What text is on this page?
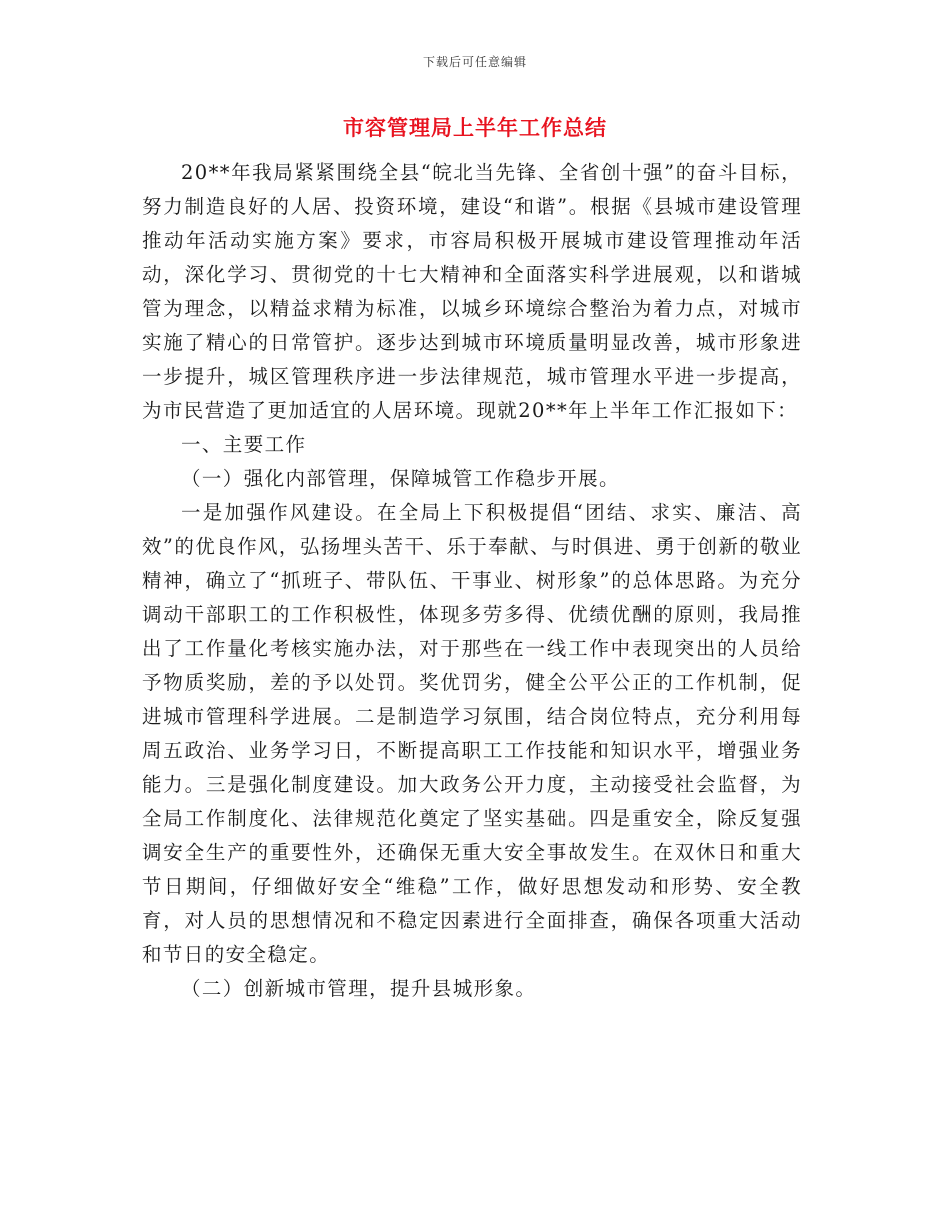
下载后可任意编辑
市容管理局上半年工作总结

20**年我局紧紧围绕全县“皖北当先锋、全省创十强”的奋斗目标，努力制造良好的人居、投资环境，建设“和谐”。根据《县城市建设管理推动年活动实施方案》要求，市容局积极开展城市建设管理推动年活动，深化学习、贯彻党的十七大精神和全面落实科学进展观，以和谐城管为理念，以精益求精为标准，以城乡环境综合整治为着力点，对城市实施了精心的日常管护。逐步达到城市环境质量明显改善，城市形象进一步提升，城区管理秩序进一步法律规范，城市管理水平进一步提高，为市民营造了更加适宜的人居环境。现就20**年上半年工作汇报如下：

一、主要工作

（一）强化内部管理，保障城管工作稳步开展。

一是加强作风建设。在全局上下积极提倡“团结、求实、廉洁、高效”的优良作风，弘扬埋头苦干、乐于奉献、与时俱进、勇于创新的敬业精神，确立了“抓班子、带队伍、干事业、树形象”的总体思路。为充分调动干部职工的工作积极性，体现多劳多得、优绩优酬的原则，我局推出了工作量化考核实施办法，对于那些在一线工作中表现突出的人员给予物质奖励，差的予以处罚。奖优罚劣，健全公平公正的工作机制，促进城市管理科学进展。二是制造学习氛围，结合岗位特点，充分利用每周五政治、业务学习日，不断提高职工工作技能和知识水平，增强业务能力。三是强化制度建设。加大政务公开力度，主动接受社会监督，为全局工作制度化、法律规范化奠定了坚实基础。四是重安全，除反复强调安全生产的重要性外，还确保无重大安全事故发生。在双休日和重大节日期间，仔细做好安全“维稳”工作，做好思想发动和形势、安全教育，对人员的思想情况和不稳定因素进行全面排查，确保各项重大活动和节日的安全稳定。

（二）创新城市管理，提升县城形象。
